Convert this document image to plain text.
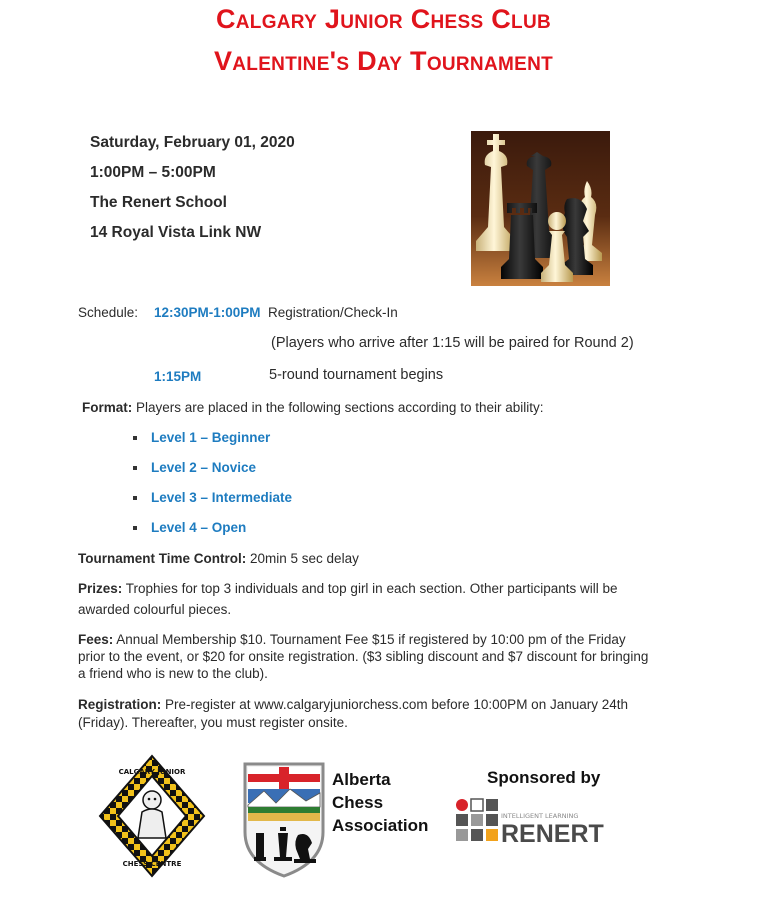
Calgary Junior Chess Club
Valentine's Day Tournament
Saturday, February 01, 2020
1:00PM – 5:00PM
The Renert School
14 Royal Vista Link NW
Schedule: 12:30PM-1:00PM Registration/Check-In
(Players who arrive after 1:15 will be paired for Round 2)
1:15PM	5-round tournament begins
Format: Players are placed in the following sections according to their ability:
Level 1 – Beginner
Level 2 – Novice
Level 3 – Intermediate
Level 4 – Open
Tournament Time Control: 20min 5 sec delay
Prizes: Trophies for top 3 individuals and top girl in each section. Other participants will be awarded colourful pieces.
Fees: Annual Membership $10. Tournament Fee $15 if registered by 10:00 pm of the Friday prior to the event, or $20 for onsite registration. ($3 sibling discount and $7 discount for bringing a friend who is new to the club).
Registration: Pre-register at www.calgaryjuniorchess.com before 10:00PM on January 24th (Friday). Thereafter, you must register onsite.
CALGARY JUNIOR
CHESS CENTRE
Alberta
Chess
Association
Sponsored by
INTELLIGENT LEARNING
RENERT
